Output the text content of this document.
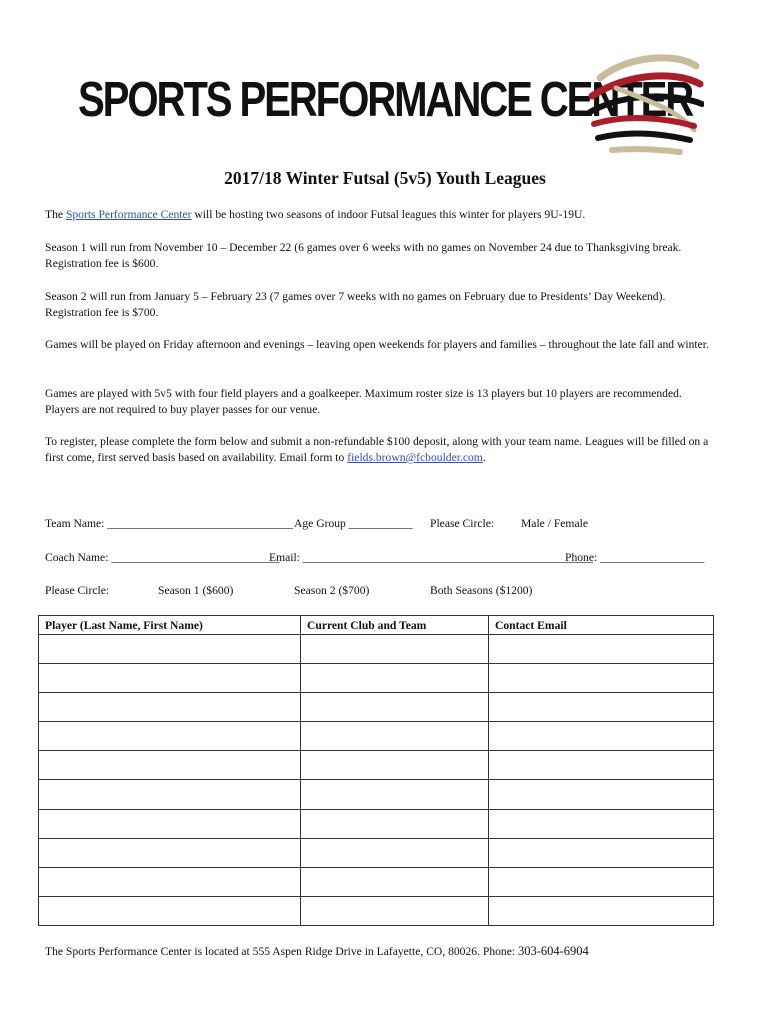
SPORTS PERFORMANCE CENTER
2017/18 Winter Futsal (5v5) Youth Leagues
The Sports Performance Center will be hosting two seasons of indoor Futsal leagues this winter for players 9U-19U.
Season 1 will run from November 10 – December 22 (6 games over 6 weeks with no games on November 24 due to Thanksgiving break. Registration fee is $600.
Season 2 will run from January 5 – February 23 (7 games over 7 weeks with no games on February due to Presidents’ Day Weekend). Registration fee is $700.
Games will be played on Friday afternoon and evenings – leaving open weekends for players and families – throughout the late fall and winter.
Games are played with 5v5 with four field players and a goalkeeper. Maximum roster size is 13 players but 10 players are recommended. Players are not required to buy player passes for our venue.
To register, please complete the form below and submit a non-refundable $100 deposit, along with your team name. Leagues will be filled on a first come, first served basis based on availability. Email form to fields.brown@fcboulder.com.
Team Name: ________________________________ Age Group ___________ Please Circle: Male / Female
Coach Name: _____________________________
Email: __________________________________________________
Phone: __________________
Please Circle:	Season 1 ($600)	Season 2 ($700)	Both Seasons ($1200)
Player (Last Name, First Name)	Current Club and Team	Contact Email

The Sports Performance Center is located at 555 Aspen Ridge Drive in Lafayette, CO, 80026. Phone: 303-604-6904
